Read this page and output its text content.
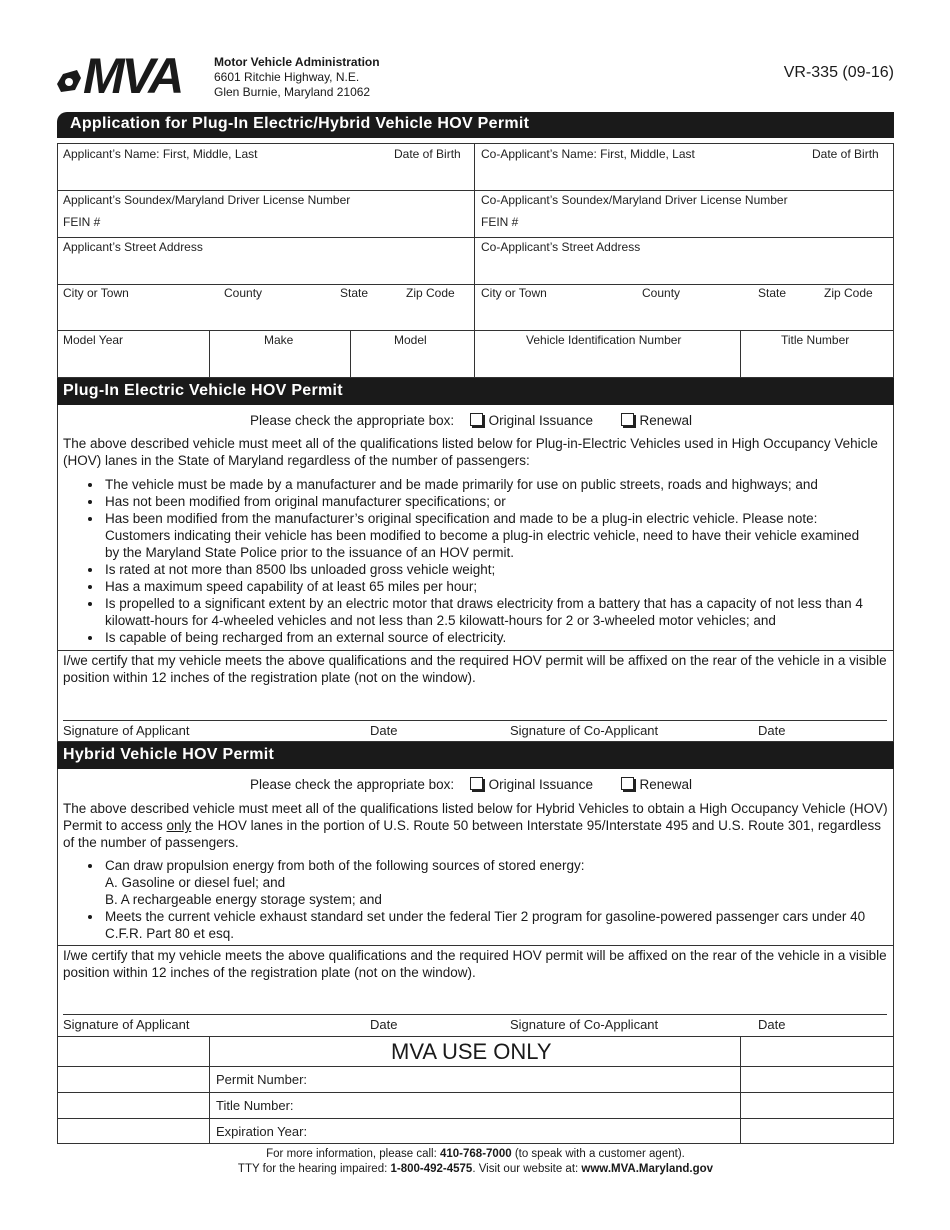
MVA	Motor Vehicle Administration
6601 Ritchie Highway, N.E.
Glen Burnie, Maryland 21062
VR-335 (09-16)
Application for Plug-In Electric/Hybrid Vehicle HOV Permit
Applicant’s Name: First, Middle, Last	Date of Birth Co-Applicant’s Name: First, Middle, Last	Date of Birth
Applicant’s Soundex/Maryland Driver License Number
FEIN #
Co-Applicant’s Soundex/Maryland Driver License Number
FEIN #
Applicant’s Street Address	Co-Applicant’s Street Address
City or Town	County	State	Zip Code City or Town	County	State	Zip Code
Model Year	Make	Model	Vehicle Identification Number	Title Number
Plug-In Electric Vehicle HOV Permit
Please check the appropriate box:	Original Issuance	Renewal
The above described vehicle must meet all of the qualifications listed below for Plug-in-Electric Vehicles used in High Occupancy Vehicle (HOV) lanes in the State of Maryland regardless of the number of passengers:
• The vehicle must be made by a manufacturer and be made primarily for use on public streets, roads and highways; and
• Has not been modified from original manufacturer specifications; or
• Has been modified from the manufacturer’s original specification and made to be a plug-in electric vehicle. Please note: Customers indicating their vehicle has been modified to become a plug-in electric vehicle, need to have their vehicle examined by the Maryland State Police prior to the issuance of an HOV permit.
• Is rated at not more than 8500 lbs unloaded gross vehicle weight;
• Has a maximum speed capability of at least 65 miles per hour;
• Is propelled to a significant extent by an electric motor that draws electricity from a battery that has a capacity of not less than 4 kilowatt-hours for 4-wheeled vehicles and not less than 2.5 kilowatt-hours for 2 or 3-wheeled motor vehicles; and
• Is capable of being recharged from an external source of electricity.
I/we certify that my vehicle meets the above qualifications and the required HOV permit will be affixed on the rear of the vehicle in a visible position within 12 inches of the registration plate (not on the window).
Signature of Applicant	Date	Signature of Co-Applicant	Date
Hybrid Vehicle HOV Permit
Please check the appropriate box:	Original Issuance	Renewal
The above described vehicle must meet all of the qualifications listed below for Hybrid Vehicles to obtain a High Occupancy Vehicle (HOV) Permit to access only the HOV lanes in the portion of U.S. Route 50 between Interstate 95/Interstate 495 and U.S. Route 301, regardless of the number of passengers.
• Can draw propulsion energy from both of the following sources of stored energy:
A. Gasoline or diesel fuel; and
B. A rechargeable energy storage system; and
• Meets the current vehicle exhaust standard set under the federal Tier 2 program for gasoline-powered passenger cars under 40 C.F.R. Part 80 et esq.
I/we certify that my vehicle meets the above qualifications and the required HOV permit will be affixed on the rear of the vehicle in a visible position within 12 inches of the registration plate (not on the window).
Signature of Applicant	Date	Signature of Co-Applicant	Date
MVA USE ONLY
Permit Number:
Title Number:
Expiration Year:
For more information, please call: 410-768-7000 (to speak with a customer agent).
TTY for the hearing impaired: 1-800-492-4575. Visit our website at: www.MVA.Maryland.gov
